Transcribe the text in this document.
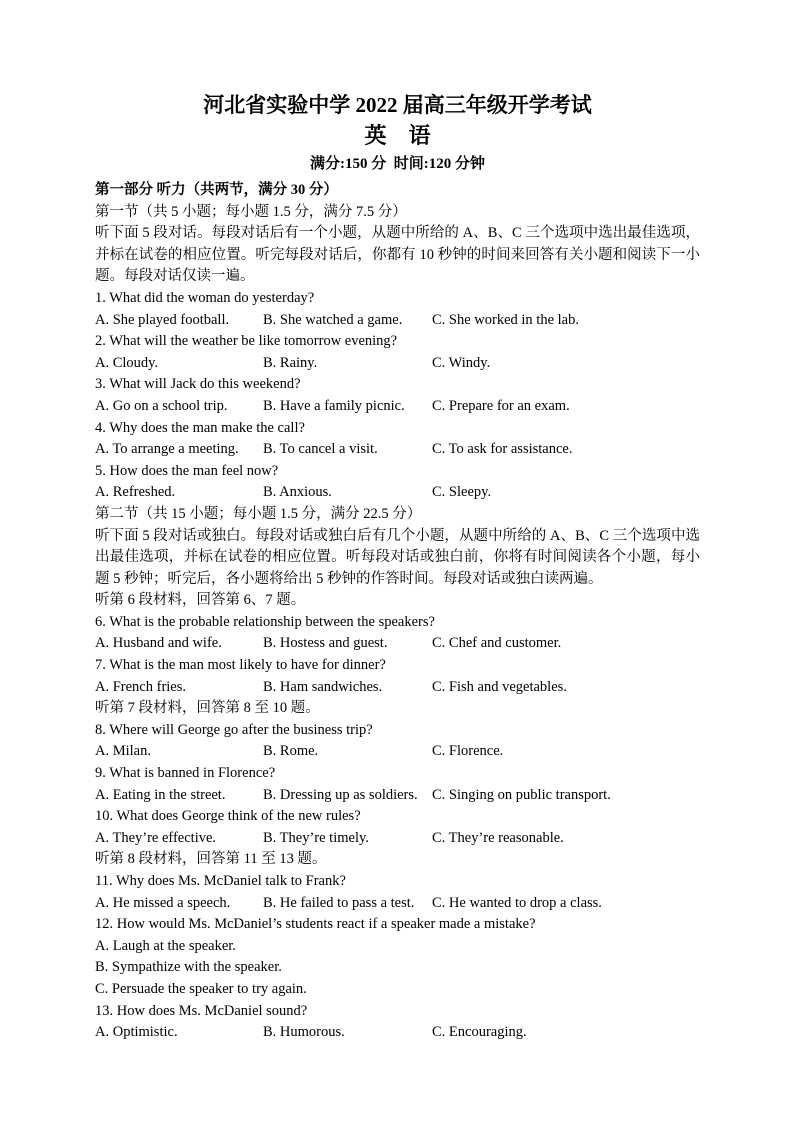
河北省实验中学 2022 届高三年级开学考试
英    语
满分:150 分  时间:120 分钟
第一部分 听力（共两节，满分 30 分）
第一节（共 5 小题；每小题 1.5 分，满分 7.5 分）
听下面 5 段对话。每段对话后有一个小题，从题中所给的 A、B、C 三个选项中选出最佳选项，并标在试卷的相应位置。听完每段对话后，你都有 10 秒钟的时间来回答有关小题和阅读下一小题。每段对话仅读一遍。
1. What did the woman do yesterday?
A. She played football.	B. She watched a game.	C. She worked in the lab.
2. What will the weather be like tomorrow evening?
A. Cloudy.	B. Rainy.	C. Windy.
3. What will Jack do this weekend?
A. Go on a school trip.	B. Have a family picnic.	C. Prepare for an exam.
4. Why does the man make the call?
A. To arrange a meeting.	B. To cancel a visit.	C. To ask for assistance.
5. How does the man feel now?
A. Refreshed.	B. Anxious.	C. Sleepy.
第二节（共 15 小题；每小题 1.5 分，满分 22.5 分）
听下面 5 段对话或独白。每段对话或独白后有几个小题，从题中所给的 A、B、C 三个选项中选出最佳选项，并标在试卷的相应位置。听每段对话或独白前，你将有时间阅读各个小题，每小题 5 秒钟；听完后，各小题将给出 5 秒钟的作答时间。每段对话或独白读两遍。
听第 6 段材料，回答第 6、7 题。
6. What is the probable relationship between the speakers?
A. Husband and wife.	B. Hostess and guest.	C. Chef and customer.
7. What is the man most likely to have for dinner?
A. French fries.	B. Ham sandwiches.	C. Fish and vegetables.
听第 7 段材料，回答第 8 至 10 题。
8. Where will George go after the business trip?
A. Milan.	B. Rome.	C. Florence.
9. What is banned in Florence?
A. Eating in the street.	B. Dressing up as soldiers. C. Singing on public transport.
10. What does George think of the new rules?
A. They’re effective.	B. They’re timely.	C. They’re reasonable.
听第 8 段材料，回答第 11 至 13 题。
11. Why does Ms. McDaniel talk to Frank?
A. He missed a speech.	B. He failed to pass a test.	C. He wanted to drop a class.
12. How would Ms. McDaniel’s students react if a speaker made a mistake?
A. Laugh at the speaker.
B. Sympathize with the speaker.
C. Persuade the speaker to try again.
13. How does Ms. McDaniel sound?
A. Optimistic.	B. Humorous.	C. Encouraging.
